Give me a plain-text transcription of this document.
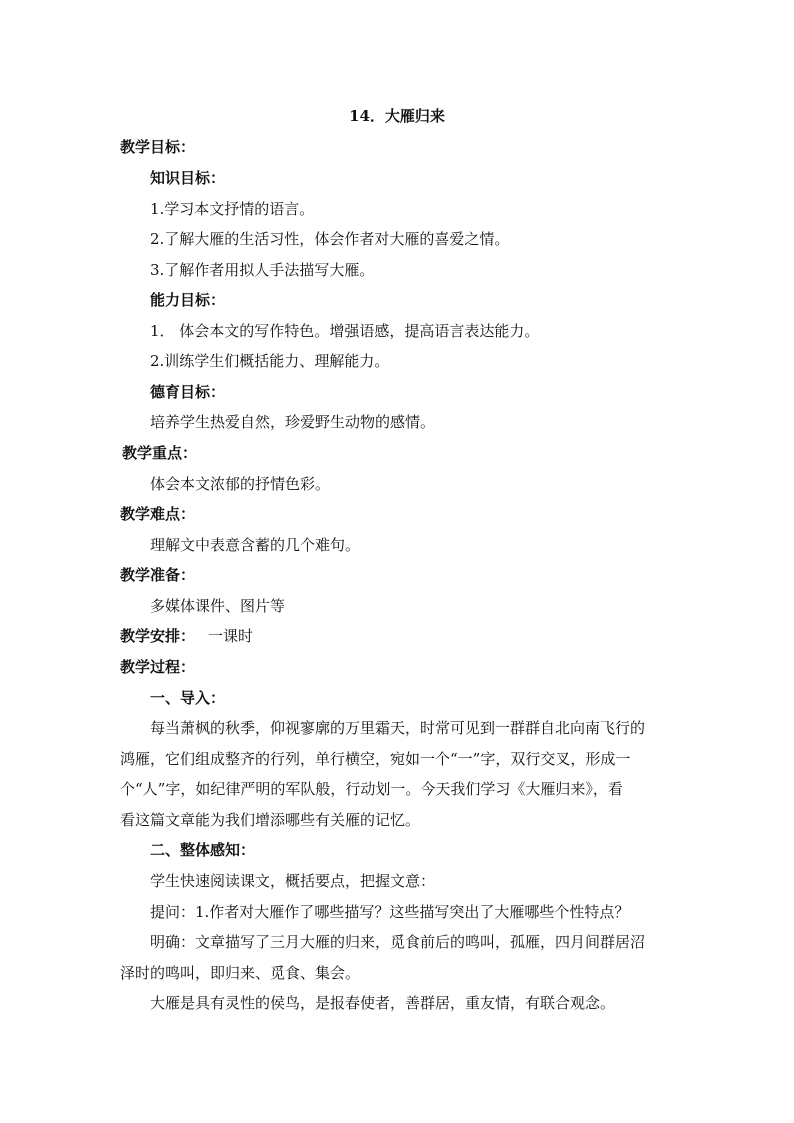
14．大雁归来
教学目标：
知识目标：
1.学习本文抒情的语言。
2.了解大雁的生活习性，体会作者对大雁的喜爱之情。
3.了解作者用拟人手法描写大雁。
能力目标：
1． 体会本文的写作特色。增强语感，提高语言表达能力。
2.训练学生们概括能力、理解能力。
德育目标：
培养学生热爱自然，珍爱野生动物的感情。
教学重点：
体会本文浓郁的抒情色彩。
教学难点：
理解文中表意含蓄的几个难句。
教学准备：
多媒体课件、图片等
教学安排： 一课时
教学过程：
一、导入：
每当萧枫的秋季，仰视寥廓的万里霜天，时常可见到一群群自北向南飞行的
鸿雁，它们组成整齐的行列，单行横空，宛如一个“一”字，双行交叉，形成一
个“人”字，如纪律严明的军队般，行动划一。今天我们学习《大雁归来》，看
看这篇文章能为我们增添哪些有关雁的记忆。
二、整体感知：
学生快速阅读课文，概括要点，把握文意：
提问：1.作者对大雁作了哪些描写？这些描写突出了大雁哪些个性特点？
明确：文章描写了三月大雁的归来，觅食前后的鸣叫，孤雁，四月间群居沼
泽时的鸣叫，即归来、觅食、集会。
大雁是具有灵性的侯鸟，是报春使者，善群居，重友情，有联合观念。
